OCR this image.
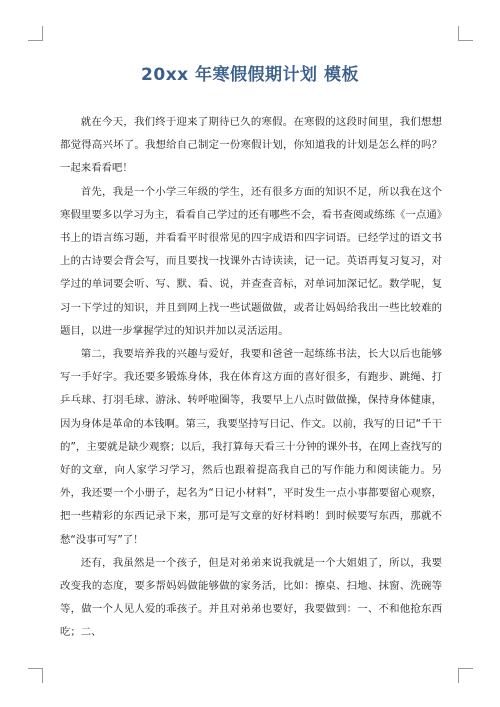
20xx 年寒假假期计划 模板

就在今天，我们终于迎来了期待已久的寒假。在寒假的这段时间里，我们想想都觉得高兴坏了。我想给自己制定一份寒假计划，你知道我的计划是怎么样的吗？一起来看看吧！

首先，我是一个小学三年级的学生，还有很多方面的知识不足，所以我在这个寒假里要多以学习为主，看看自己学过的还有哪些不会，看书查阅或练练《一点通》书上的语言练习题，并看看平时很常见的四字成语和四字词语。已经学过的语文书上的古诗要会背会写，而且要找一找课外古诗读读，记一记。英语再复习复习，对学过的单词要会听、写、默、看、说，并查查音标，对单词加深记忆。数学呢，复习一下学过的知识，并且到网上找一些试题做做，或者让妈妈给我出一些比较难的题目，以进一步掌握学过的知识并加以灵活运用。

第二，我要培养我的兴趣与爱好，我要和爸爸一起练练书法，长大以后也能够写一手好字。我还要多锻炼身体，我在体育这方面的喜好很多，有跑步、跳绳、打乒乓球、打羽毛球、游泳、转呼啦圈等，我要早上八点时做做操，保持身体健康，因为身体是革命的本钱啊。第三，我要坚持写日记、作文。以前，我写的日记“千干的”，主要就是缺少观察；以后，我打算每天看三十分钟的课外书，在网上查找写的好的文章，向人家学习学习，然后也跟着提高我自己的写作能力和阅读能力。另外，我还要一个小册子，起名为“日记小材料”，平时发生一点小事都要留心观察，把一些精彩的东西记录下来，那可是写文章的好材料哟！到时候要写东西，那就不愁“没事可写”了！

还有，我虽然是一个孩子，但是对弟弟来说我就是一个大姐姐了，所以，我要改变我的态度，要多帮妈妈做能够做的家务活，比如：擦桌、扫地、抹窗、洗碗等等，做一个人见人爱的乖孩子。并且对弟弟也要好，我要做到：一、不和他抢东西吃；二、
